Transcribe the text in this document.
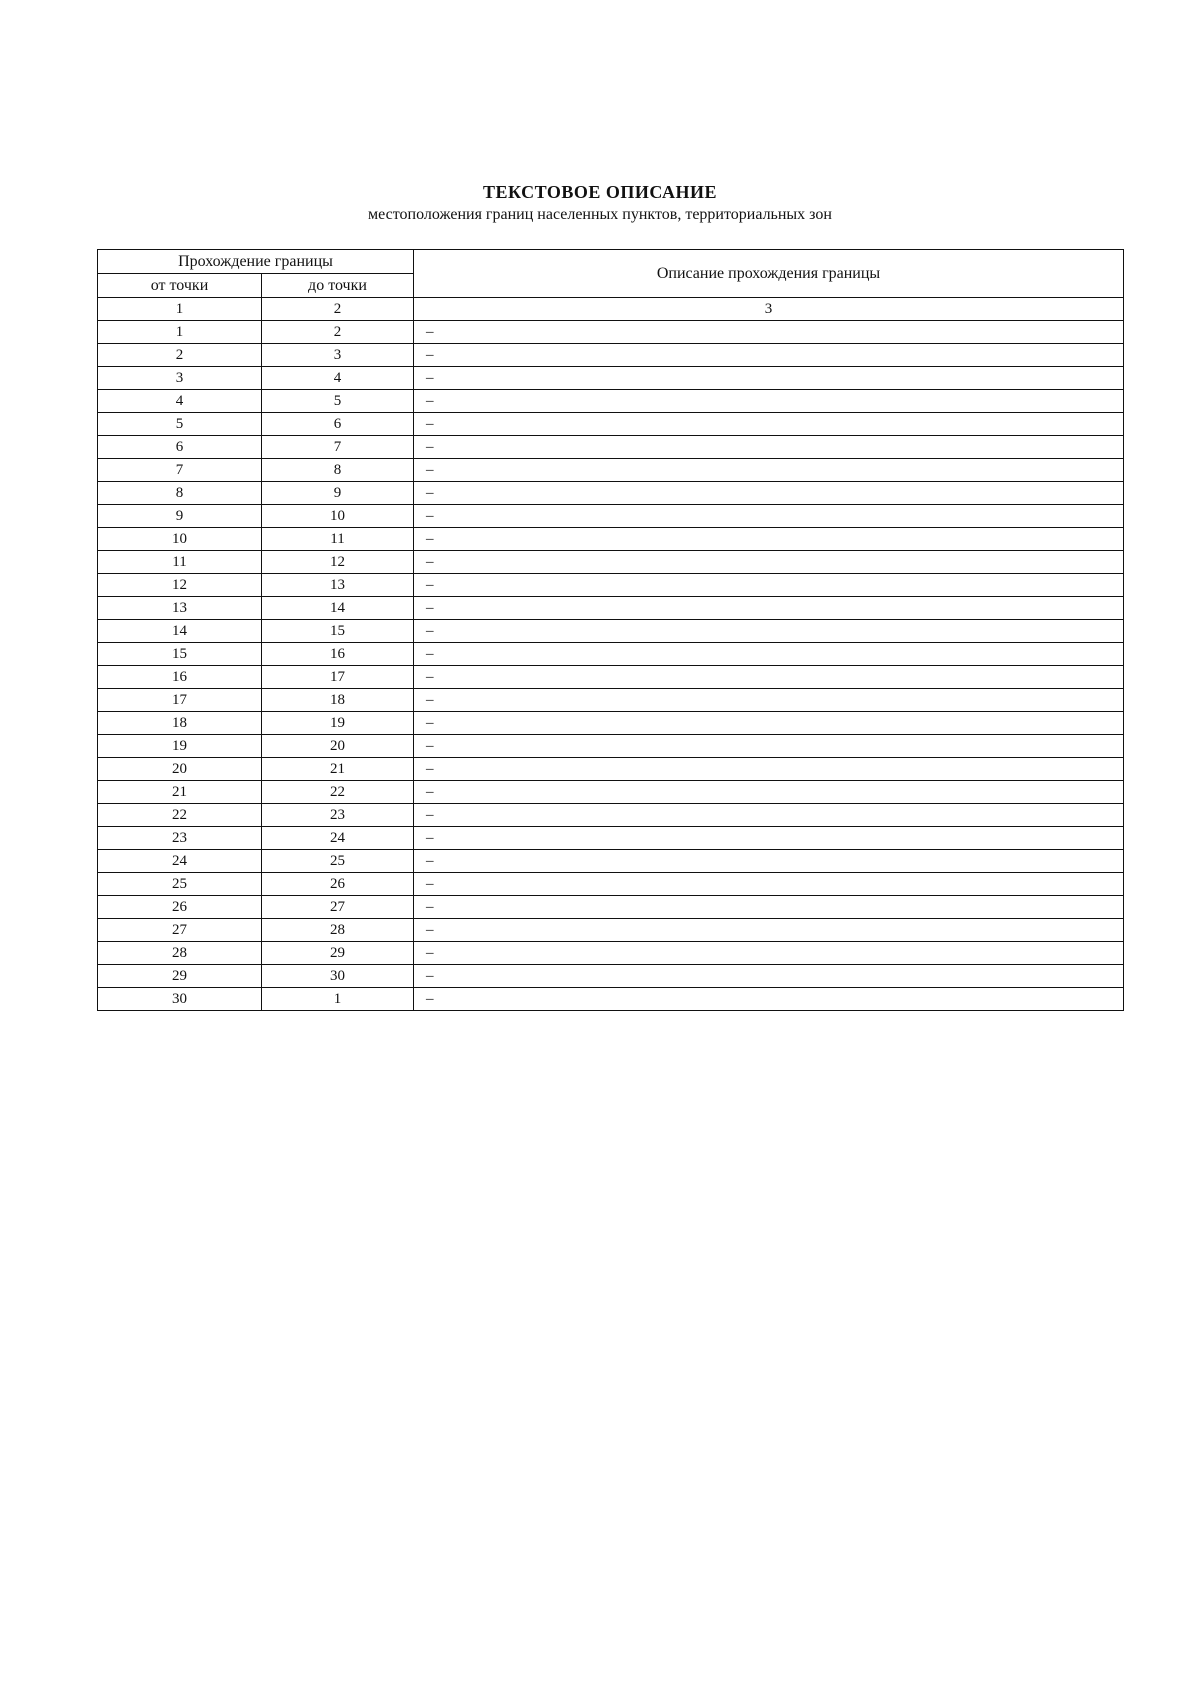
ТЕКСТОВОЕ ОПИСАНИЕ
местоположения границ населенных пунктов, территориальных зон
Прохождение границы		Описание прохождения границы
от точки	до точки	
1	2	3
1	2	–
2	3	–
3	4	–
4	5	–
5	6	–
6	7	–
7	8	–
8	9	–
9	10	–
10	11	–
11	12	–
12	13	–
13	14	–
14	15	–
15	16	–
16	17	–
17	18	–
18	19	–
19	20	–
20	21	–
21	22	–
22	23	–
23	24	–
24	25	–
25	26	–
26	27	–
27	28	–
28	29	–
29	30	–
30	1	–
